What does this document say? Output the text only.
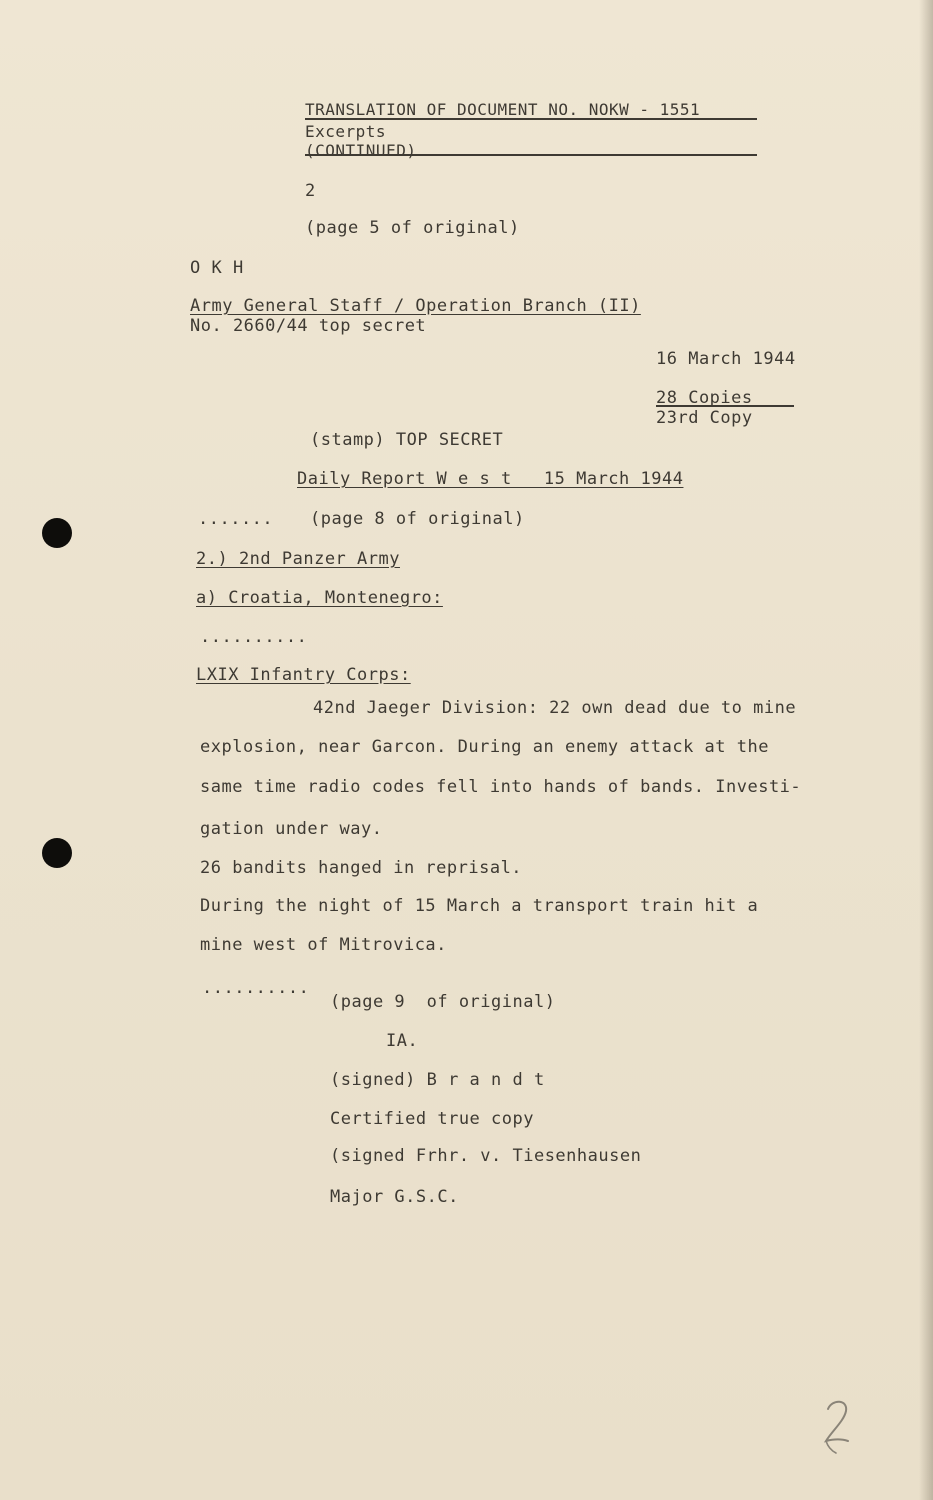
TRANSLATION OF DOCUMENT NO. NOKW - 1551
Excerpts
(CONTINUED)
2
(page 5 of original)
O K H
Army General Staff / Operation Branch (II)
No. 2660/44 top secret
16 March 1944
28 Copies
23rd Copy
(stamp) TOP SECRET
Daily Report W e s t   15 March 1944
....... (page 8 of original)
2.) 2nd Panzer Army
a) Croatia, Montenegro:
..........
LXIX Infantry Corps:
42nd Jaeger Division: 22 own dead due to mine
explosion, near Garcon. During an enemy attack at the
same time radio codes fell into hands of bands. Investi-
gation under way.
26 bandits hanged in reprisal.
During the night of 15 March a transport train hit a
mine west of Mitrovica.
..........
(page 9  of original)
IA.
(signed) B r a n d t
Certified true copy
(signed Frhr. v. Tiesenhausen
Major G.S.C.
